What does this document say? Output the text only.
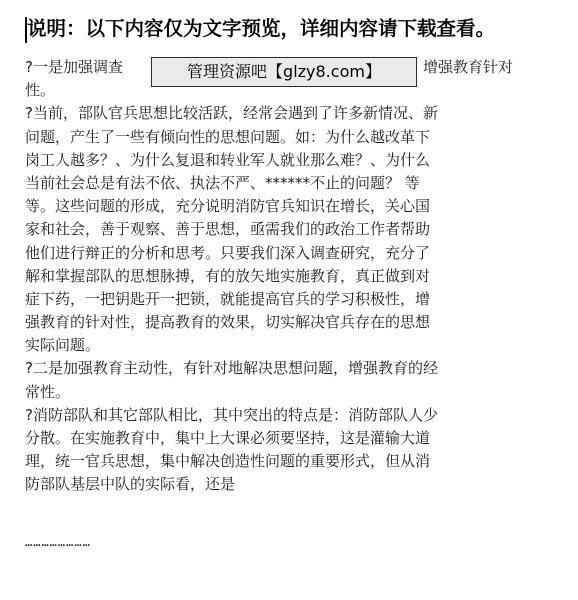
说明：以下内容仅为文字预览，详细内容请下载查看。
管理资源吧【glzy8.com】
?一是加强调查	增强教育针对
性。
?当前，部队官兵思想比较活跃，经常会遇到了许多新情况、新
问题，产生了一些有倾向性的思想问题。如：为什么越改革下
岗工人越多？、为什么复退和转业军人就业那么难？、为什么
当前社会总是有法不依、执法不严、******不止的问题？ 等
等。这些问题的形成，充分说明消防官兵知识在增长，关心国
家和社会，善于观察、善于思想，亟需我们的政治工作者帮助
他们进行辩正的分析和思考。只要我们深入调查研究，充分了
解和掌握部队的思想脉搏，有的放矢地实施教育，真正做到对
症下药，一把钥匙开一把锁，就能提高官兵的学习积极性，增
强教育的针对性，提高教育的效果，切实解决官兵存在的思想
实际问题。
?二是加强教育主动性，有针对地解决思想问题，增强教育的经
常性。
?消防部队和其它部队相比，其中突出的特点是：消防部队人少
分散。在实施教育中，集中上大课必须要坚持，这是灌输大道
理，统一官兵思想，集中解决创造性问题的重要形式，但从消
防部队基层中队的实际看，还是
……………………
